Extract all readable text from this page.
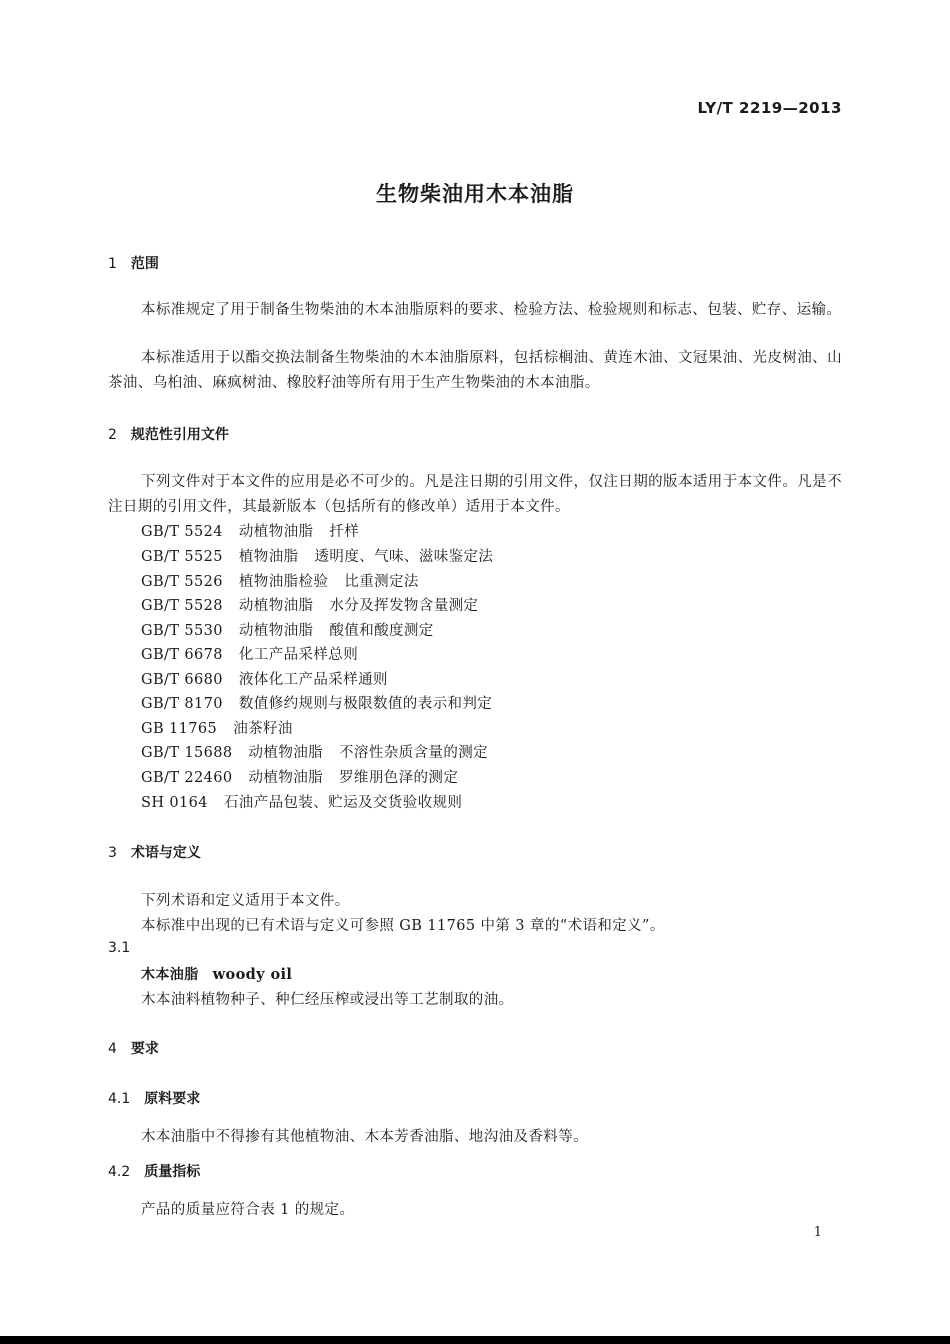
LY/T 2219—2013
生物柴油用木本油脂
1 范围
本标准规定了用于制备生物柴油的木本油脂原料的要求、检验方法、检验规则和标志、包装、贮存、运输。
本标准适用于以酯交换法制备生物柴油的木本油脂原料，包括棕榈油、黄连木油、文冠果油、光皮树油、山茶油、乌桕油、麻疯树油、橡胶籽油等所有用于生产生物柴油的木本油脂。
2 规范性引用文件
下列文件对于本文件的应用是必不可少的。凡是注日期的引用文件，仅注日期的版本适用于本文件。凡是不注日期的引用文件，其最新版本（包括所有的修改单）适用于本文件。
GB/T 5524 动植物油脂 扦样
GB/T 5525 植物油脂 透明度、气味、滋味鉴定法
GB/T 5526 植物油脂检验 比重测定法
GB/T 5528 动植物油脂 水分及挥发物含量测定
GB/T 5530 动植物油脂 酸值和酸度测定
GB/T 6678 化工产品采样总则
GB/T 6680 液体化工产品采样通则
GB/T 8170 数值修约规则与极限数值的表示和判定
GB 11765 油茶籽油
GB/T 15688 动植物油脂 不溶性杂质含量的测定
GB/T 22460 动植物油脂 罗维朋色泽的测定
SH 0164 石油产品包装、贮运及交货验收规则
3 术语与定义
下列术语和定义适用于本文件。
本标准中出现的已有术语与定义可参照 GB 11765 中第 3 章的“术语和定义”。
3.1
木本油脂 woody oil
木本油料植物种子、种仁经压榨或浸出等工艺制取的油。
4 要求
4.1 原料要求
木本油脂中不得掺有其他植物油、木本芳香油脂、地沟油及香料等。
4.2 质量指标
产品的质量应符合表 1 的规定。
1
